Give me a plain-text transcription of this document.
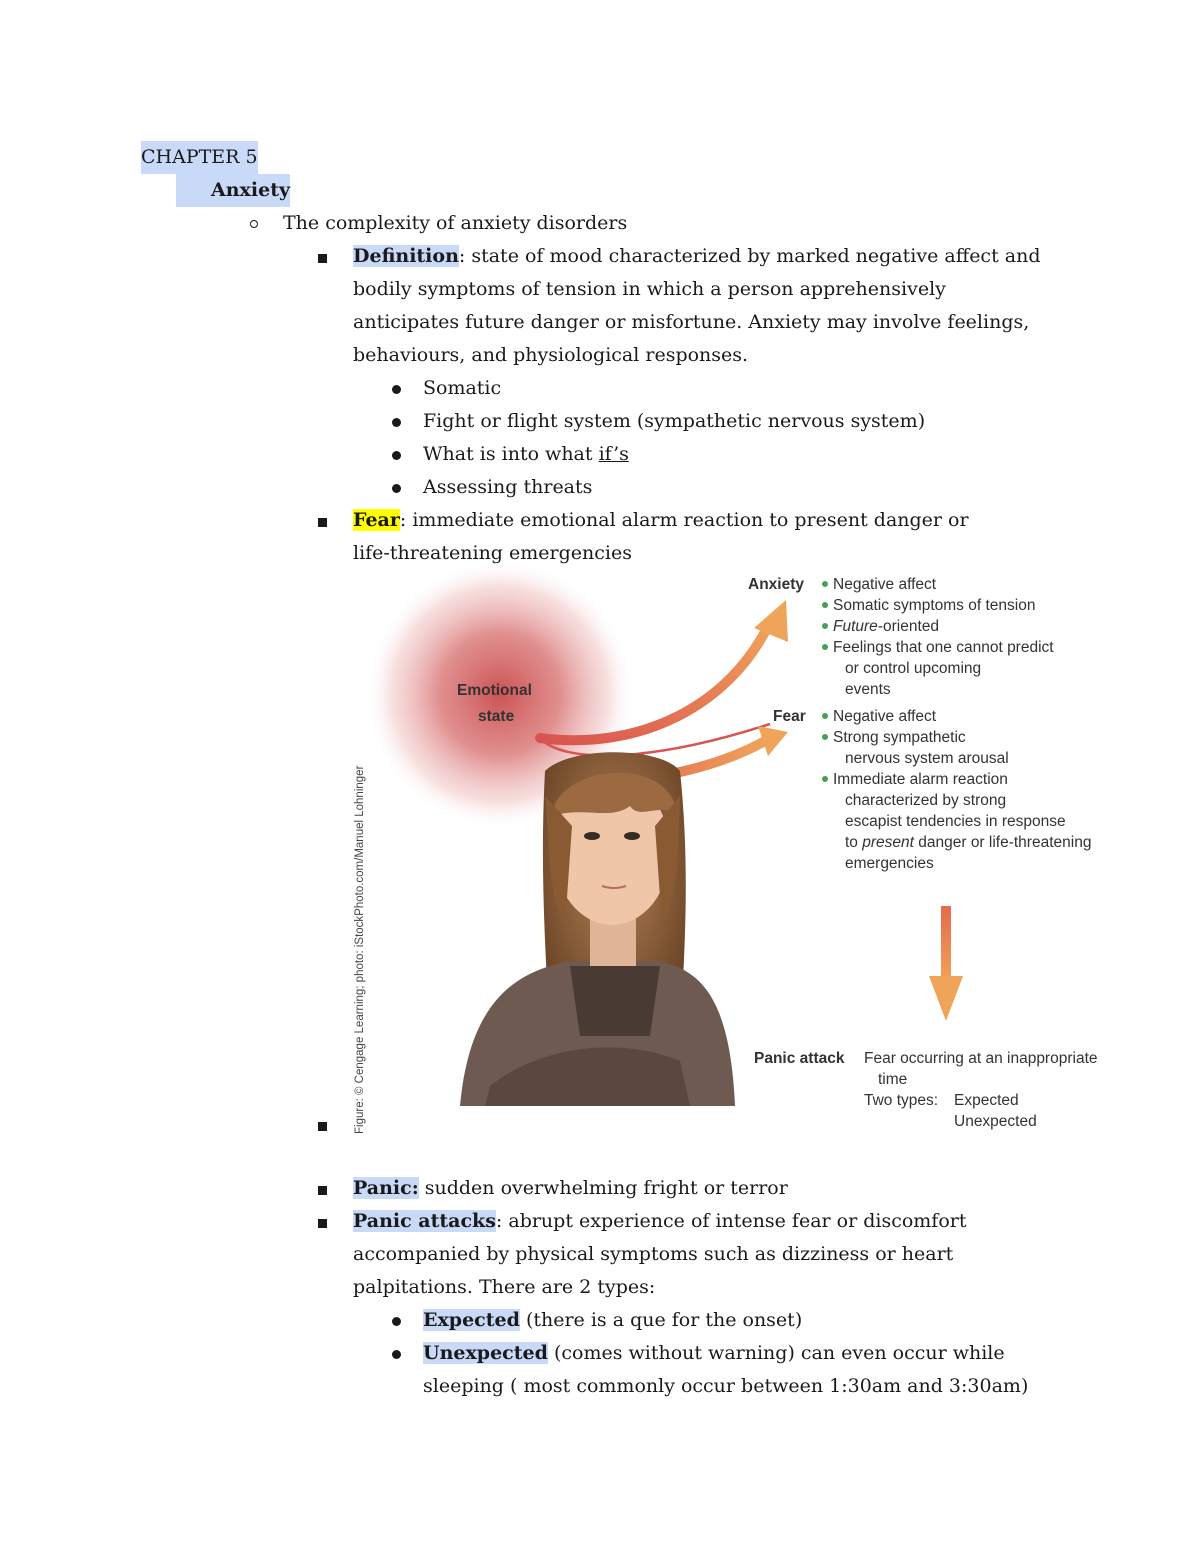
CHAPTER 5
Anxiety
The complexity of anxiety disorders
Definition: state of mood characterized by marked negative affect and
bodily symptoms of tension in which a person apprehensively
anticipates future danger or misfortune. Anxiety may involve feelings,
behaviours, and physiological responses.
Somatic
Fight or flight system (sympathetic nervous system)
What is into what if’s
Assessing threats
Fear: immediate emotional alarm reaction to present danger or
life-threatening emergencies
Emotional
state
Anxiety	Negative affect
Somatic symptoms of tension
Future-oriented
Feelings that one cannot predict
or control upcoming
events
Fear	Negative affect
Strong sympathetic
nervous system arousal
Immediate alarm reaction
characterized by strong
escapist tendencies in response
to present danger or life-threatening
emergencies
Panic attack Fear occurring at an inappropriate
time
Two types: Expected
Unexpected
Figure: © Cengage Learning; photo: iStockPhoto.com/Manuel Lohninger
Panic: sudden overwhelming fright or terror
Panic attacks: abrupt experience of intense fear or discomfort
accompanied by physical symptoms such as dizziness or heart
palpitations. There are 2 types:
Expected (there is a que for the onset)
Unexpected (comes without warning) can even occur while
sleeping ( most commonly occur between 1:30am and 3:30am)
